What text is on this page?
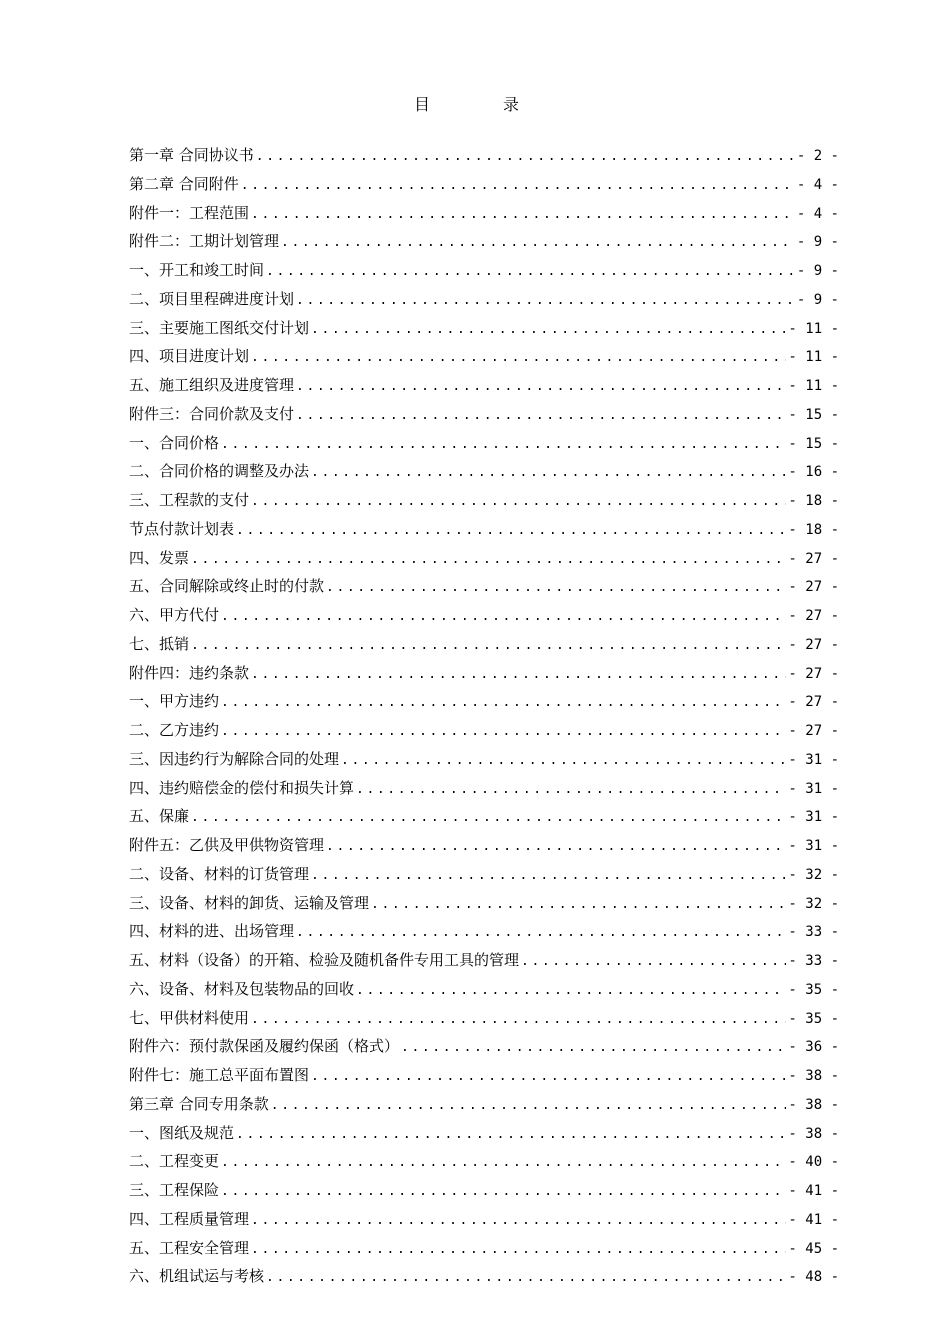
目 录
第一章 合同协议书 .....	- 2 -
第二章 合同附件 .....	- 4 -
附件一：工程范围 .....	- 4 -
附件二：工期计划管理 .....	- 9 -
一、开工和竣工时间 .....	- 9 -
二、项目里程碑进度计划 .....	- 9 -
三、主要施工图纸交付计划 .....	- 11 -
四、项目进度计划 .....	- 11 -
五、施工组织及进度管理 .....	- 11 -
附件三：合同价款及支付 .....	- 15 -
一、合同价格 .....	- 15 -
二、合同价格的调整及办法 .....	- 16 -
三、工程款的支付 .....	- 18 -
节点付款计划表 .....	- 18 -
四、发票 .....	- 27 -
五、合同解除或终止时的付款 .....	- 27 -
六、甲方代付 .....	- 27 -
七、抵销 .....	- 27 -
附件四：违约条款 .....	- 27 -
一、甲方违约 .....	- 27 -
二、乙方违约 .....	- 27 -
三、因违约行为解除合同的处理 .....	- 31 -
四、违约赔偿金的偿付和损失计算 .....	- 31 -
五、保廉 .....	- 31 -
附件五：乙供及甲供物资管理 .....	- 31 -
二、设备、材料的订货管理 .....	- 32 -
三、设备、材料的卸货、运输及管理 .....	- 32 -
四、材料的进、出场管理 .....	- 33 -
五、材料（设备）的开箱、检验及随机备件专用工具的管理 .....	- 33 -
六、设备、材料及包装物品的回收 .....	- 35 -
七、甲供材料使用 .....	- 35 -
附件六：预付款保函及履约保函（格式） .....	- 36 -
附件七：施工总平面布置图 .....	- 38 -
第三章 合同专用条款 .....	- 38 -
一、图纸及规范 .....	- 38 -
二、工程变更 .....	- 40 -
三、工程保险 .....	- 41 -
四、工程质量管理 .....	- 41 -
五、工程安全管理 .....	- 45 -
六、机组试运与考核 .....	- 48 -
